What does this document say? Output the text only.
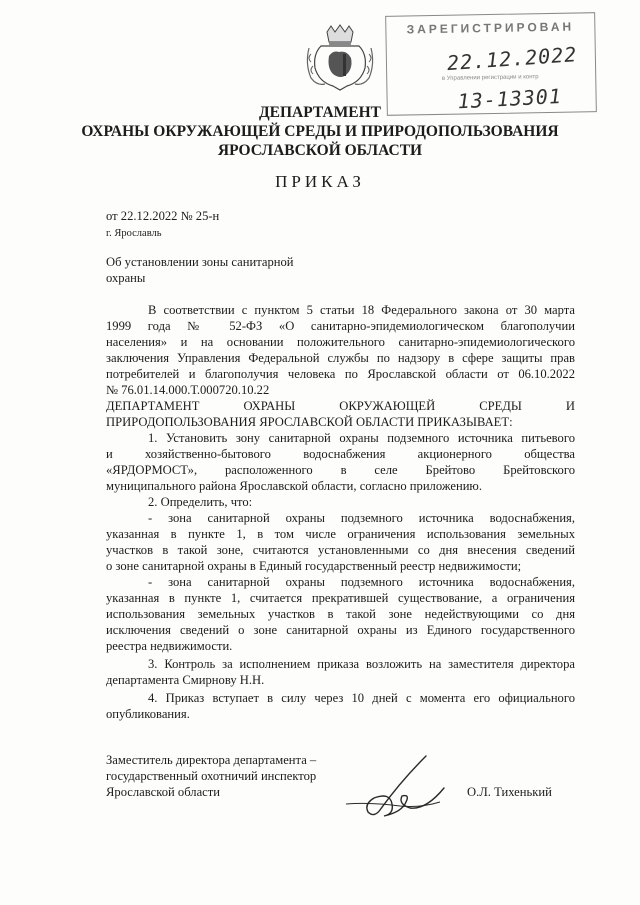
ЗАРЕГИСТРИРОВАН
22.12.2022
в Управлении регистрации и контр
13-13301
ДЕПАРТАМЕНТ
ОХРАНЫ ОКРУЖАЮЩЕЙ СРЕДЫ И ПРИРОДОПОЛЬЗОВАНИЯ
ЯРОСЛАВСКОЙ ОБЛАСТИ
ПРИКАЗ
от 22.12.2022 № 25-н
г. Ярославль
Об установлении зоны санитарной
охраны
В соответствии с пунктом 5 статьи 18 Федерального закона от 30 марта
1999 года № 52-ФЗ «О санитарно-эпидемиологическом благополучии
населения» и на основании положительного санитарно-эпидемиологического
заключения Управления Федеральной службы по надзору в сфере защиты прав
потребителей и благополучия человека по Ярославской области от 06.10.2022
№ 76.01.14.000.Т.000720.10.22
ДЕПАРТАМЕНТ ОХРАНЫ ОКРУЖАЮЩЕЙ СРЕДЫ И
ПРИРОДОПОЛЬЗОВАНИЯ ЯРОСЛАВСКОЙ ОБЛАСТИ ПРИКАЗЫВАЕТ:
1. Установить зону санитарной охраны подземного источника питьевого
и хозяйственно-бытового водоснабжения акционерного общества
«ЯРДОРМОСТ», расположенного в селе Брейтово Брейтовского
муниципального района Ярославской области, согласно приложению.
2. Определить, что:
- зона санитарной охраны подземного источника водоснабжения,
указанная в пункте 1, в том числе ограничения использования земельных
участков в такой зоне, считаются установленными со дня внесения сведений
о зоне санитарной охраны в Единый государственный реестр недвижимости;
- зона санитарной охраны подземного источника водоснабжения,
указанная в пункте 1, считается прекратившей существование, а ограничения
использования земельных участков в такой зоне недействующими со дня
исключения сведений о зоне санитарной охраны из Единого государственного
реестра недвижимости.
3. Контроль за исполнением приказа возложить на заместителя директора
департамента Смирнову Н.Н.
4. Приказ вступает в силу через 10 дней с момента его официального
опубликования.
Заместитель директора департамента –
государственный охотничий инспектор
Ярославской области	О.Л. Тихенький
